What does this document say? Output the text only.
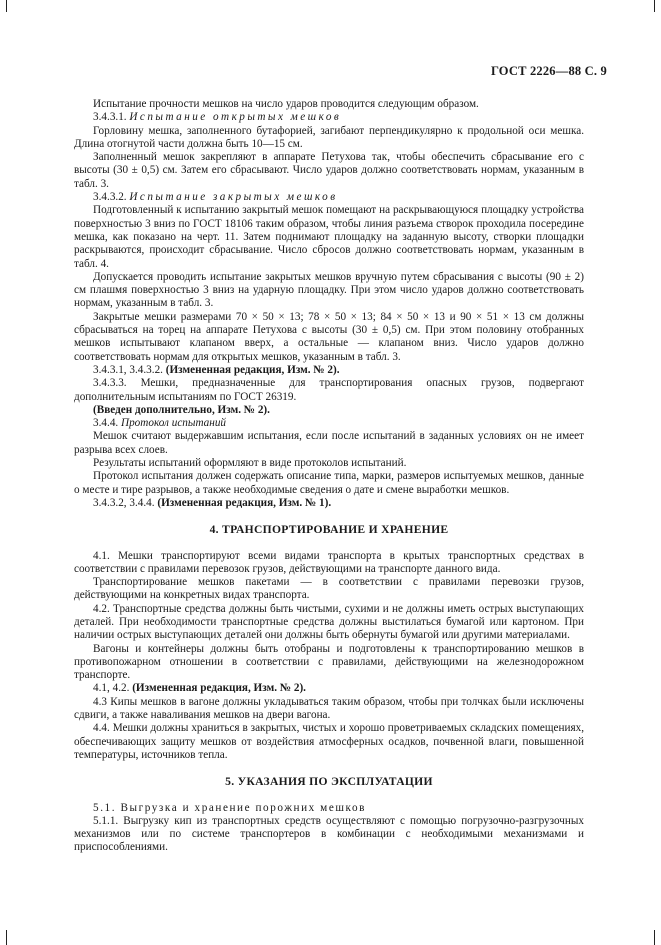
ГОСТ 2226—88 С. 9

Испытание прочности мешков на число ударов проводится следующим образом.

3.4.3.1. Испытание открытых мешков

Горловину мешка, заполненного бутафорией, загибают перпендикулярно к продольной оси мешка. Длина отогнутой части должна быть 10—15 см.

Заполненный мешок закрепляют в аппарате Петухова так, чтобы обеспечить сбрасывание его с высоты (30 ± 0,5) см. Затем его сбрасывают. Число ударов должно соответствовать нормам, указанным в табл. 3.

3.4.3.2. Испытание закрытых мешков

Подготовленный к испытанию закрытый мешок помещают на раскрывающуюся площадку устройства поверхностью 3 вниз по ГОСТ 18106 таким образом, чтобы линия разъема створок проходила посередине мешка, как показано на черт. 11. Затем поднимают площадку на заданную высоту, створки площадки раскрываются, происходит сбрасывание. Число сбросов должно соответствовать нормам, указанным в табл. 4.

Допускается проводить испытание закрытых мешков вручную путем сбрасывания с высоты (90 ± 2) см плашмя поверхностью 3 вниз на ударную площадку. При этом число ударов должно соответствовать нормам, указанным в табл. 3.

Закрытые мешки размерами 70 × 50 × 13; 78 × 50 × 13; 84 × 50 × 13 и 90 × 51 × 13 см должны сбрасываться на торец на аппарате Петухова с высоты (30 ± 0,5) см. При этом половину отобранных мешков испытывают клапаном вверх, а остальные — клапаном вниз. Число ударов должно соответствовать нормам для открытых мешков, указанным в табл. 3.

3.4.3.1, 3.4.3.2. (Измененная редакция, Изм. № 2).

3.4.3.3. Мешки, предназначенные для транспортирования опасных грузов, подвергают дополнительным испытаниям по ГОСТ 26319.

(Введен дополнительно, Изм. № 2).

3.4.4. Протокол испытаний

Мешок считают выдержавшим испытания, если после испытаний в заданных условиях он не имеет разрыва всех слоев.

Результаты испытаний оформляют в виде протоколов испытаний.

Протокол испытания должен содержать описание типа, марки, размеров испытуемых мешков, данные о месте и тире разрывов, а также необходимые сведения о дате и смене выработки мешков.

3.4.3.2, 3.4.4. (Измененная редакция, Изм. № 1).

4. ТРАНСПОРТИРОВАНИЕ И ХРАНЕНИЕ

4.1. Мешки транспортируют всеми видами транспорта в крытых транспортных средствах в соответствии с правилами перевозок грузов, действующими на транспорте данного вида.

Транспортирование мешков пакетами — в соответствии с правилами перевозки грузов, действующими на конкретных видах транспорта.

4.2. Транспортные средства должны быть чистыми, сухими и не должны иметь острых выступающих деталей. При необходимости транспортные средства должны выстилаться бумагой или картоном. При наличии острых выступающих деталей они должны быть обернуты бумагой или другими материалами.

Вагоны и контейнеры должны быть отобраны и подготовлены к транспортированию мешков в противопожарном отношении в соответствии с правилами, действующими на железнодорожном транспорте.

4.1, 4.2. (Измененная редакция, Изм. № 2).

4.3 Кипы мешков в вагоне должны укладываться таким образом, чтобы при толчках были исключены сдвиги, а также наваливания мешков на двери вагона.

4.4. Мешки должны храниться в закрытых, чистых и хорошо проветриваемых складских помещениях, обеспечивающих защиту мешков от воздействия атмосферных осадков, почвенной влаги, повышенной температуры, источников тепла.

5. УКАЗАНИЯ ПО ЭКСПЛУАТАЦИИ

5.1. Выгрузка и хранение порожних мешков

5.1.1. Выгрузку кип из транспортных средств осуществляют с помощью погрузочно-разгрузочных механизмов или по системе транспортеров в комбинации с необходимыми механизмами и приспособлениями.
